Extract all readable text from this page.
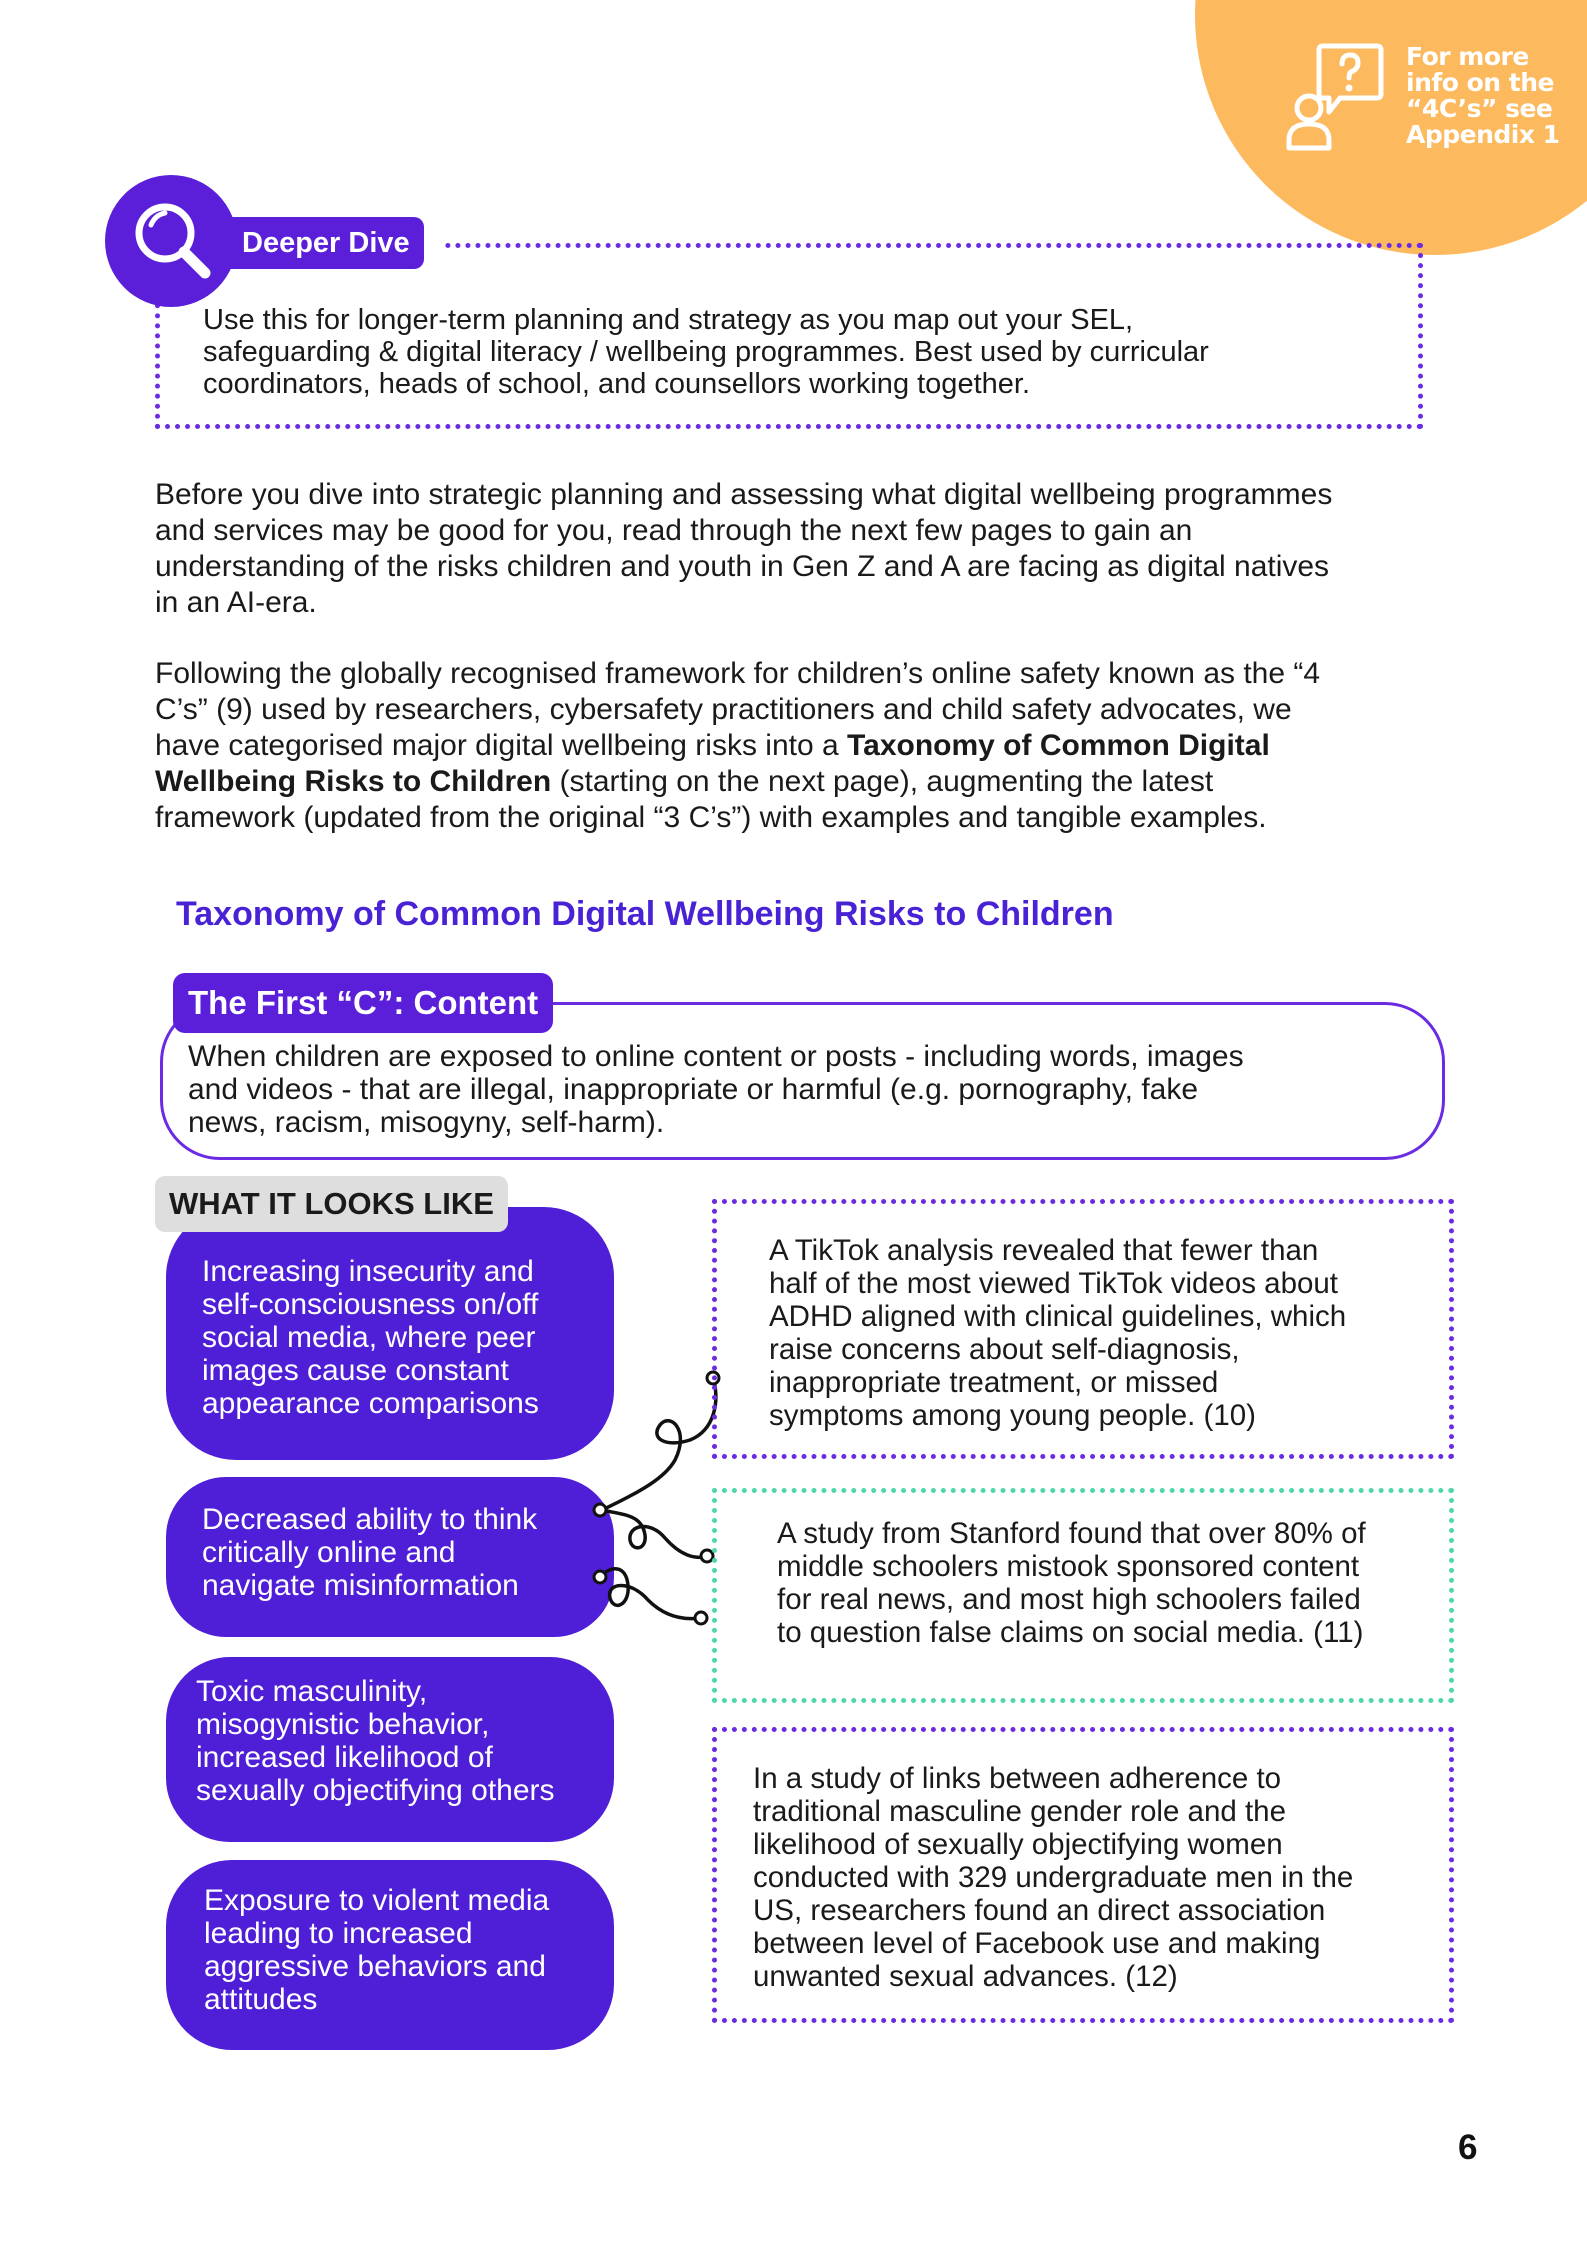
For more
info on the
“4C’s” see
Appendix 1
Deeper Dive
Use this for longer-term planning and strategy as you map out your SEL,
safeguarding & digital literacy / wellbeing programmes. Best used by curricular
coordinators, heads of school, and counsellors working together.
Before you dive into strategic planning and assessing what digital wellbeing programmes
and services may be good for you, read through the next few pages to gain an
understanding of the risks children and youth in Gen Z and A are facing as digital natives
in an AI-era.
Following the globally recognised framework for children’s online safety known as the “4
C’s” (9) used by researchers, cybersafety practitioners and child safety advocates, we
have categorised major digital wellbeing risks into a Taxonomy of Common Digital
Wellbeing Risks to Children (starting on the next page), augmenting the latest
framework (updated from the original “3 C’s”) with examples and tangible examples.
Taxonomy of Common Digital Wellbeing Risks to Children
The First “C”: Content
When children are exposed to online content or posts - including words, images
and videos - that are illegal, inappropriate or harmful (e.g. pornography, fake
news, racism, misogyny, self-harm).
Increasing insecurity and
self-consciousness on/off
social media, where peer
images cause constant
appearance comparisons
WHAT IT LOOKS LIKE
Decreased ability to think
critically online and
navigate misinformation
Toxic masculinity,
misogynistic behavior,
increased likelihood of
sexually objectifying others
Exposure to violent media
leading to increased
aggressive behaviors and
attitudes
A TikTok analysis revealed that fewer than
half of the most viewed TikTok videos about
ADHD aligned with clinical guidelines, which
raise concerns about self-diagnosis,
inappropriate treatment, or missed
symptoms among young people. (10)
A study from Stanford found that over 80% of
middle schoolers mistook sponsored content
for real news, and most high schoolers failed
to question false claims on social media. (11)
In a study of links between adherence to
traditional masculine gender role and the
likelihood of sexually objectifying women
conducted with 329 undergraduate men in the
US, researchers found an direct association
between level of Facebook use and making
unwanted sexual advances. (12)
6
